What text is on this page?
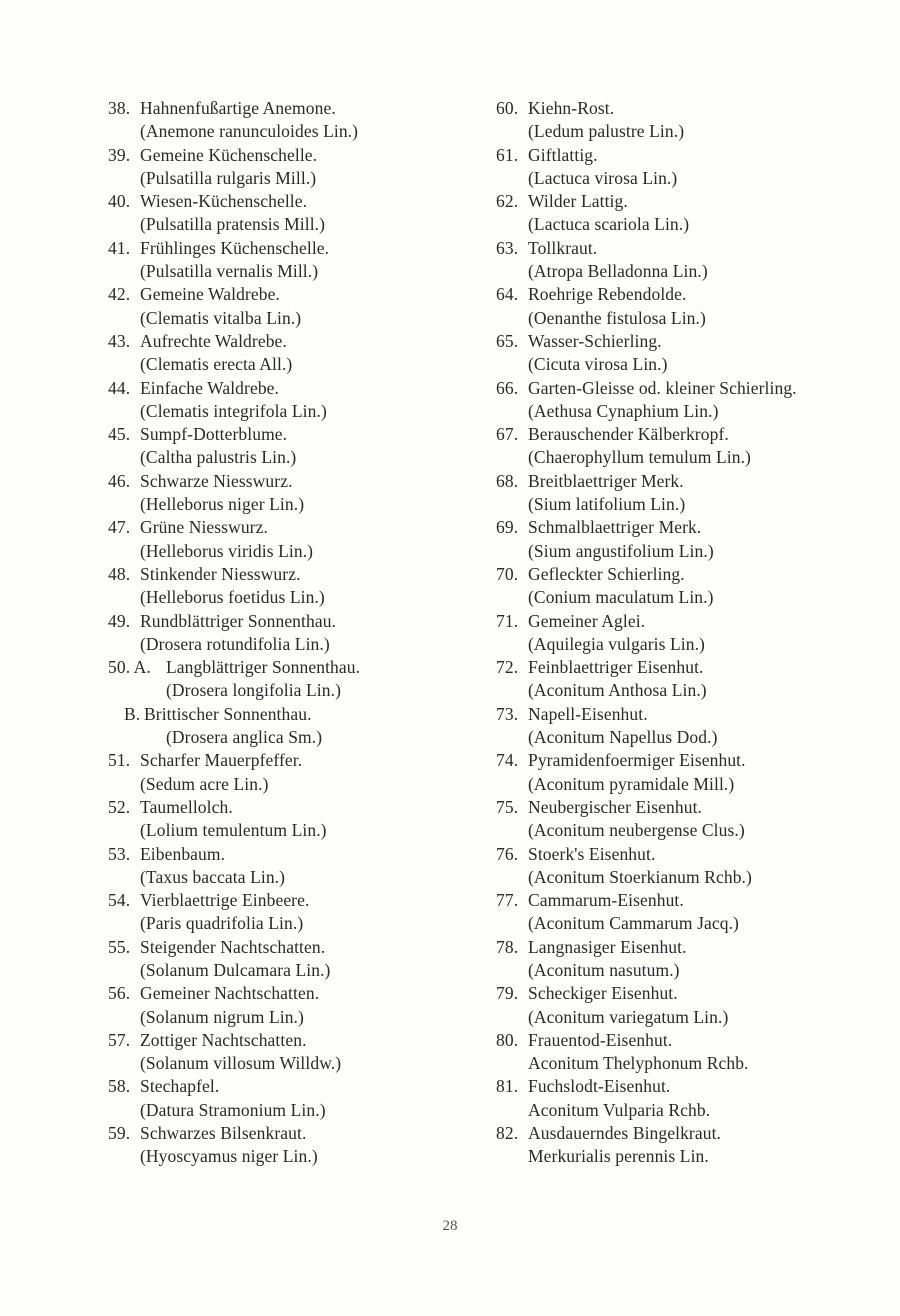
38. Hahnenfußartige Anemone.
(Anemone ranunculoides Lin.)
39. Gemeine Küchenschelle.
(Pulsatilla rulgaris Mill.)
40. Wiesen-Küchenschelle.
(Pulsatilla pratensis Mill.)
41. Frühlinges Küchenschelle.
(Pulsatilla vernalis Mill.)
42. Gemeine Waldrebe.
(Clematis vitalba Lin.)
43. Aufrechte Waldrebe.
(Clematis erecta All.)
44. Einfache Waldrebe.
(Clematis integrifola Lin.)
45. Sumpf-Dotterblume.
(Caltha palustris Lin.)
46. Schwarze Niesswurz.
(Helleborus niger Lin.)
47. Grüne Niesswurz.
(Helleborus viridis Lin.)
48. Stinkender Niesswurz.
(Helleborus foetidus Lin.)
49. Rundblättriger Sonnenthau.
(Drosera rotundifolia Lin.)
50. A. Langblättriger Sonnenthau.
(Drosera longifolia Lin.)
B. Brittischer Sonnenthau.
(Drosera anglica Sm.)
51. Scharfer Mauerpfeffer.
(Sedum acre Lin.)
52. Taumellolch.
(Lolium temulentum Lin.)
53. Eibenbaum.
(Taxus baccata Lin.)
54. Vierblaettrige Einbeere.
(Paris quadrifolia Lin.)
55. Steigender Nachtschatten.
(Solanum Dulcamara Lin.)
56. Gemeiner Nachtschatten.
(Solanum nigrum Lin.)
57. Zottiger Nachtschatten.
(Solanum villosum Willdw.)
58. Stechapfel.
(Datura Stramonium Lin.)
59. Schwarzes Bilsenkraut.
(Hyoscyamus niger Lin.)
60. Kiehn-Rost.
(Ledum palustre Lin.)
61. Giftlattig.
(Lactuca virosa Lin.)
62. Wilder Lattig.
(Lactuca scariola Lin.)
63. Tollkraut.
(Atropa Belladonna Lin.)
64. Roehrige Rebendolde.
(Oenanthe fistulosa Lin.)
65. Wasser-Schierling.
(Cicuta virosa Lin.)
66. Garten-Gleisse od. kleiner Schierling.
(Aethusa Cynaphium Lin.)
67. Berauschender Kälberkropf.
(Chaerophyllum temulum Lin.)
68. Breitblaettriger Merk.
(Sium latifolium Lin.)
69. Schmalblaettriger Merk.
(Sium angustifolium Lin.)
70. Gefleckter Schierling.
(Conium maculatum Lin.)
71. Gemeiner Aglei.
(Aquilegia vulgaris Lin.)
72. Feinblaettriger Eisenhut.
(Aconitum Anthosa Lin.)
73. Napell-Eisenhut.
(Aconitum Napellus Dod.)
74. Pyramidenfoermiger Eisenhut.
(Aconitum pyramidale Mill.)
75. Neubergischer Eisenhut.
(Aconitum neubergense Clus.)
76. Stoerk's Eisenhut.
(Aconitum Stoerkianum Rchb.)
77. Cammarum-Eisenhut.
(Aconitum Cammarum Jacq.)
78. Langnasiger Eisenhut.
(Aconitum nasutum.)
79. Scheckiger Eisenhut.
(Aconitum variegatum Lin.)
80. Frauentod-Eisenhut.
Aconitum Thelyphonum Rchb.
81. Fuchslodt-Eisenhut.
Aconitum Vulparia Rchb.
82. Ausdauerndes Bingelkraut.
Merkurialis perennis Lin.
28
